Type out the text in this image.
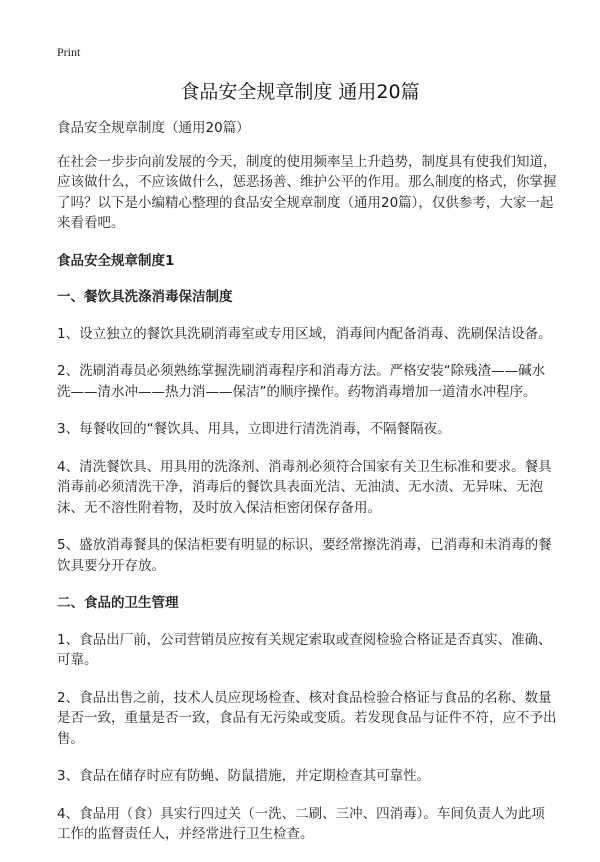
Print
食品安全规章制度 通用20篇

食品安全规章制度（通用20篇）

在社会一步步向前发展的今天，制度的使用频率呈上升趋势，制度具有使我们知道，应该做什么，不应该做什么，惩恶扬善、维护公平的作用。那么制度的格式，你掌握了吗？以下是小编精心整理的食品安全规章制度（通用20篇），仅供参考，大家一起来看看吧。

食品安全规章制度1

一、餐饮具洗涤消毒保洁制度

1、设立独立的餐饮具洗刷消毒室或专用区域，消毒间内配备消毒、洗刷保洁设备。

2、洗刷消毒员必须熟练掌握洗刷消毒程序和消毒方法。严格安装“除残渣——碱水洗——清水冲——热力消——保洁”的顺序操作。药物消毒增加一道清水冲程序。

3、每餐收回的“餐饮具、用具，立即进行清洗消毒，不隔餐隔夜。

4、清洗餐饮具、用具用的洗涤剂、消毒剂必须符合国家有关卫生标准和要求。餐具消毒前必须清洗干净，消毒后的餐饮具表面光洁、无油渍、无水渍、无异味、无泡沫、无不溶性附着物，及时放入保洁柜密闭保存备用。

5、盛放消毒餐具的保洁柜要有明显的标识，要经常擦洗消毒，已消毒和未消毒的餐饮具要分开存放。

二、食品的卫生管理

1、食品出厂前，公司营销员应按有关规定索取或查阅检验合格证是否真实、准确、可靠。

2、食品出售之前，技术人员应现场检查、核对食品检验合格证与食品的名称、数量是否一致，重量是否一致，食品有无污染或变质。若发现食品与证件不符，应不予出售。

3、食品在储存时应有防蝇、防鼠措施，并定期检查其可靠性。

4、食品用（食）具实行四过关（一洗、二刷、三冲、四消毒）。车间负责人为此项工作的监督责任人，并经常进行卫生检查。
